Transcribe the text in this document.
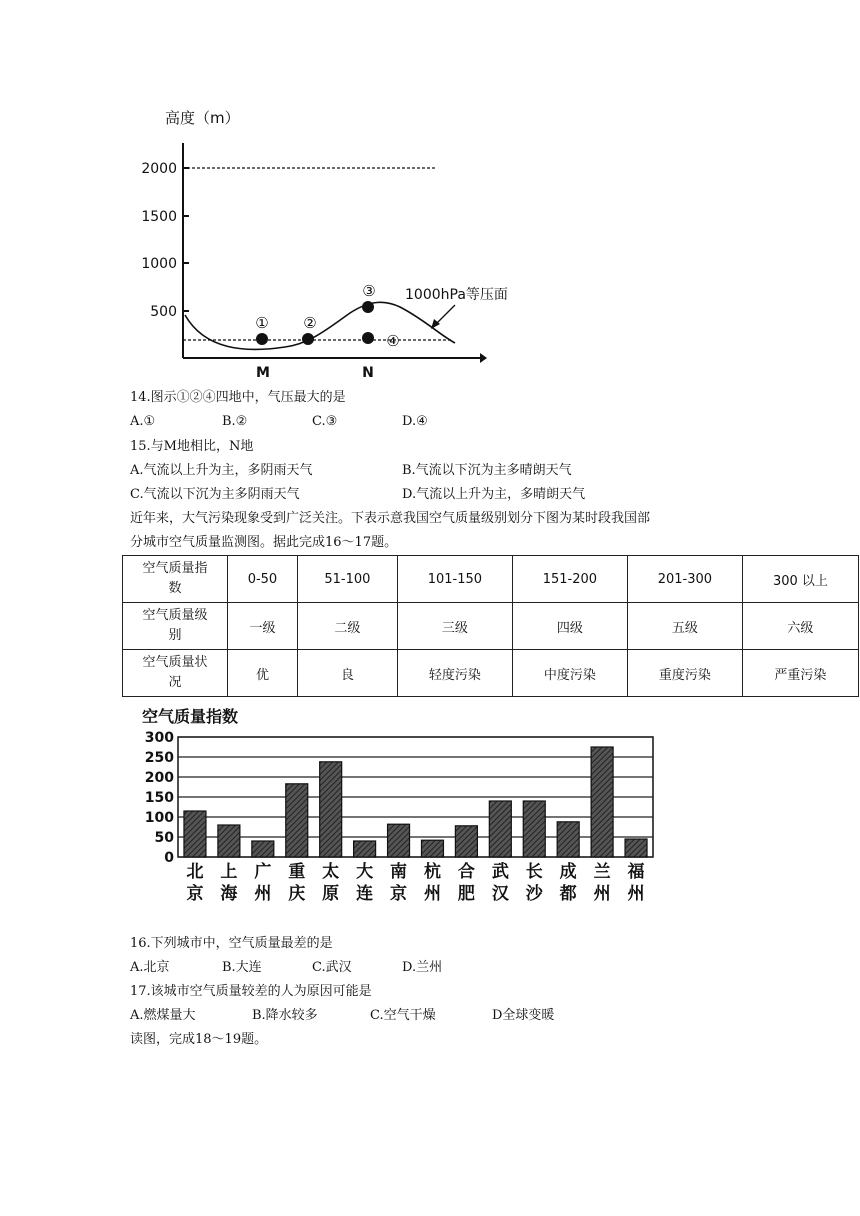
高度（m）
2000
1500
1000
500
① ②
③
④
1000hPa等压面
M	N
14.图示①②④四地中，气压最大的是
A.①	B.②	C.③	D.④
15.与M地相比，N地
A.气流以上升为主，多阴雨天气	B.气流以下沉为主多晴朗天气
C.气流以下沉为主多阴雨天气	D.气流以上升为主，多晴朗天气
近年来，大气污染现象受到广泛关注。下表示意我国空气质量级别划分下图为某时段我国部
分城市空气质量监测图。据此完成16～17题。
空气质量指
数	0-50	51-100	101-150	151-200	201-300	300 以上
空气质量级
别	一级	二级	三级	四级	五级	六级
空气质量状
况	优	良	轻度污染	中度污染	重度污染	严重污染
空气质量指数
0
50
100
150
200
250
300
北
京
上
海
广
州
重
庆
太
原
大
连
南
京
杭
州
合
肥
武
汉
长
沙
成
都
兰
州
福
州
16.下列城市中，空气质量最差的是
A.北京	B.大连	C.武汉	D.兰州
17.该城市空气质量较差的人为原因可能是
A.燃煤量大	B.降水较多	C.空气干燥	D全球变暖
读图，完成18～19题。
